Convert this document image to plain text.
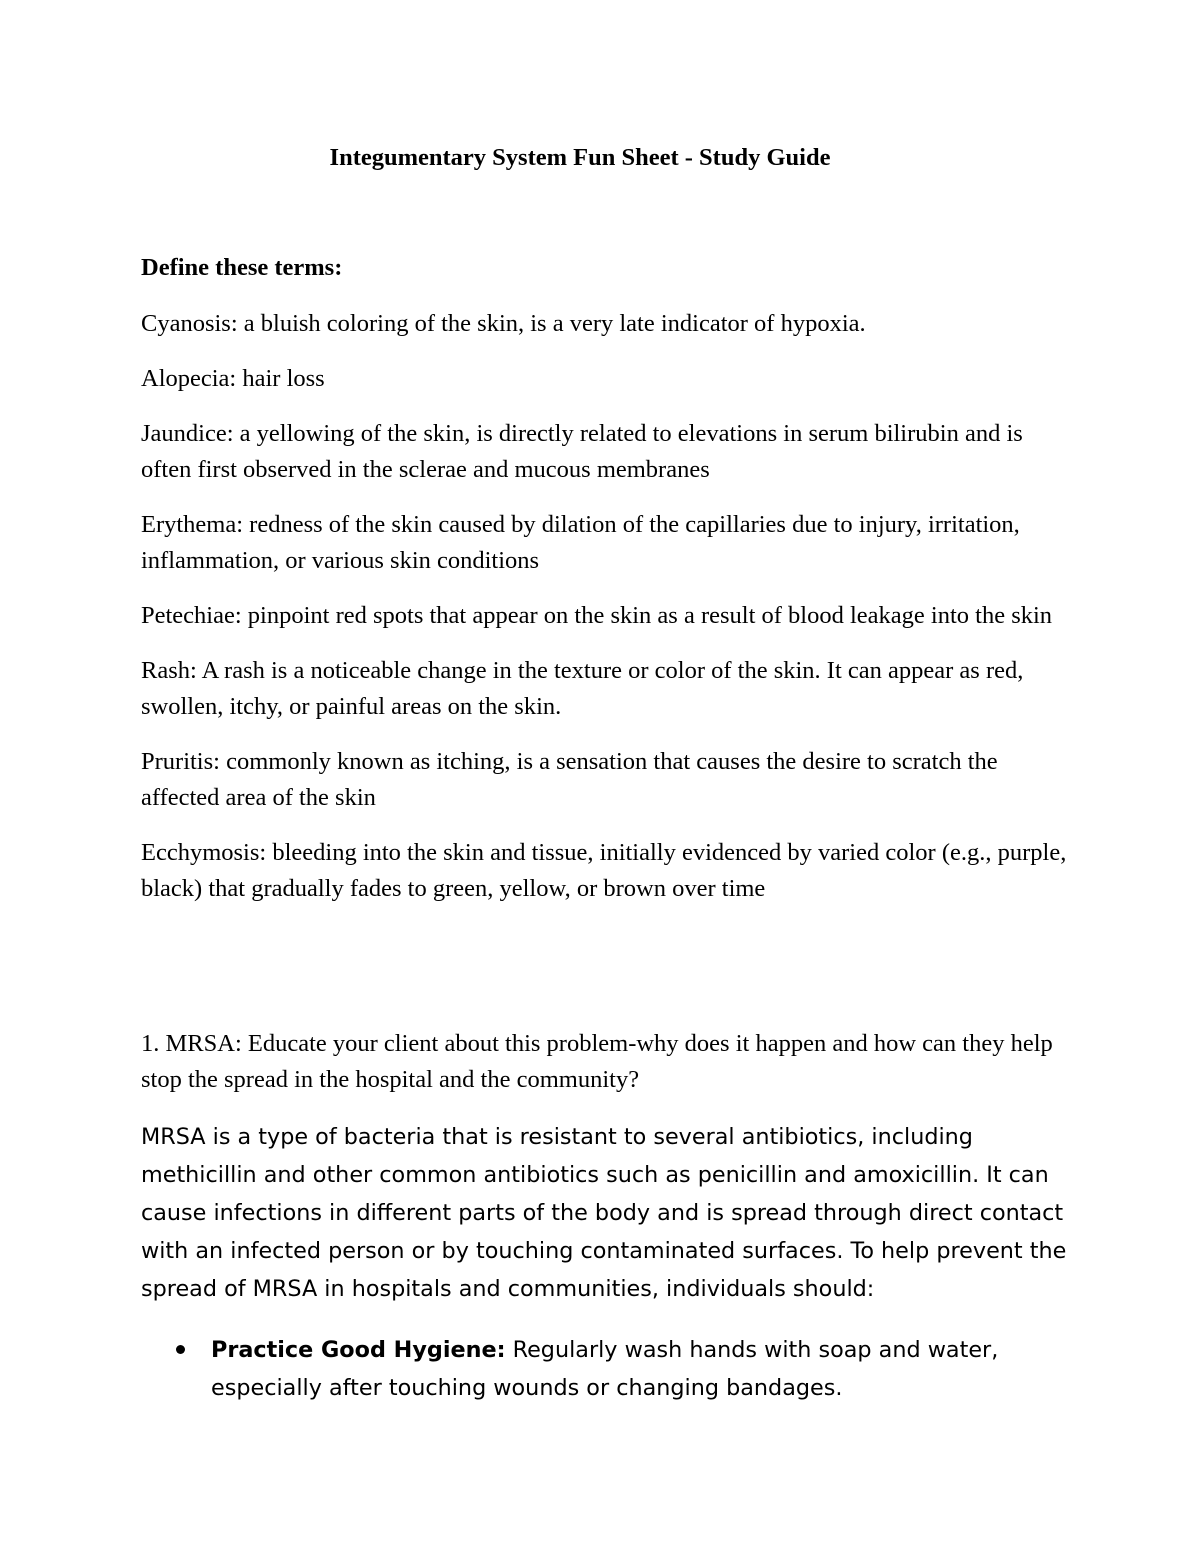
Integumentary System Fun Sheet - Study Guide
Define these terms:

Cyanosis: a bluish coloring of the skin, is a very late indicator of hypoxia.

Alopecia: hair loss

Jaundice: a yellowing of the skin, is directly related to elevations in serum bilirubin and is often first observed in the sclerae and mucous membranes

Erythema: redness of the skin caused by dilation of the capillaries due to injury, irritation, inflammation, or various skin conditions

Petechiae: pinpoint red spots that appear on the skin as a result of blood leakage into the skin

Rash: A rash is a noticeable change in the texture or color of the skin. It can appear as red, swollen, itchy, or painful areas on the skin.

Pruritis: commonly known as itching, is a sensation that causes the desire to scratch the affected area of the skin

Ecchymosis: bleeding into the skin and tissue, initially evidenced by varied color (e.g., purple, black) that gradually fades to green, yellow, or brown over time

1. MRSA: Educate your client about this problem-why does it happen and how can they help stop the spread in the hospital and the community?
MRSA is a type of bacteria that is resistant to several antibiotics, including methicillin and other common antibiotics such as penicillin and amoxicillin. It can cause infections in different parts of the body and is spread through direct contact with an infected person or by touching contaminated surfaces. To help prevent the spread of MRSA in hospitals and communities, individuals should:
Practice Good Hygiene: Regularly wash hands with soap and water, especially after touching wounds or changing bandages.
